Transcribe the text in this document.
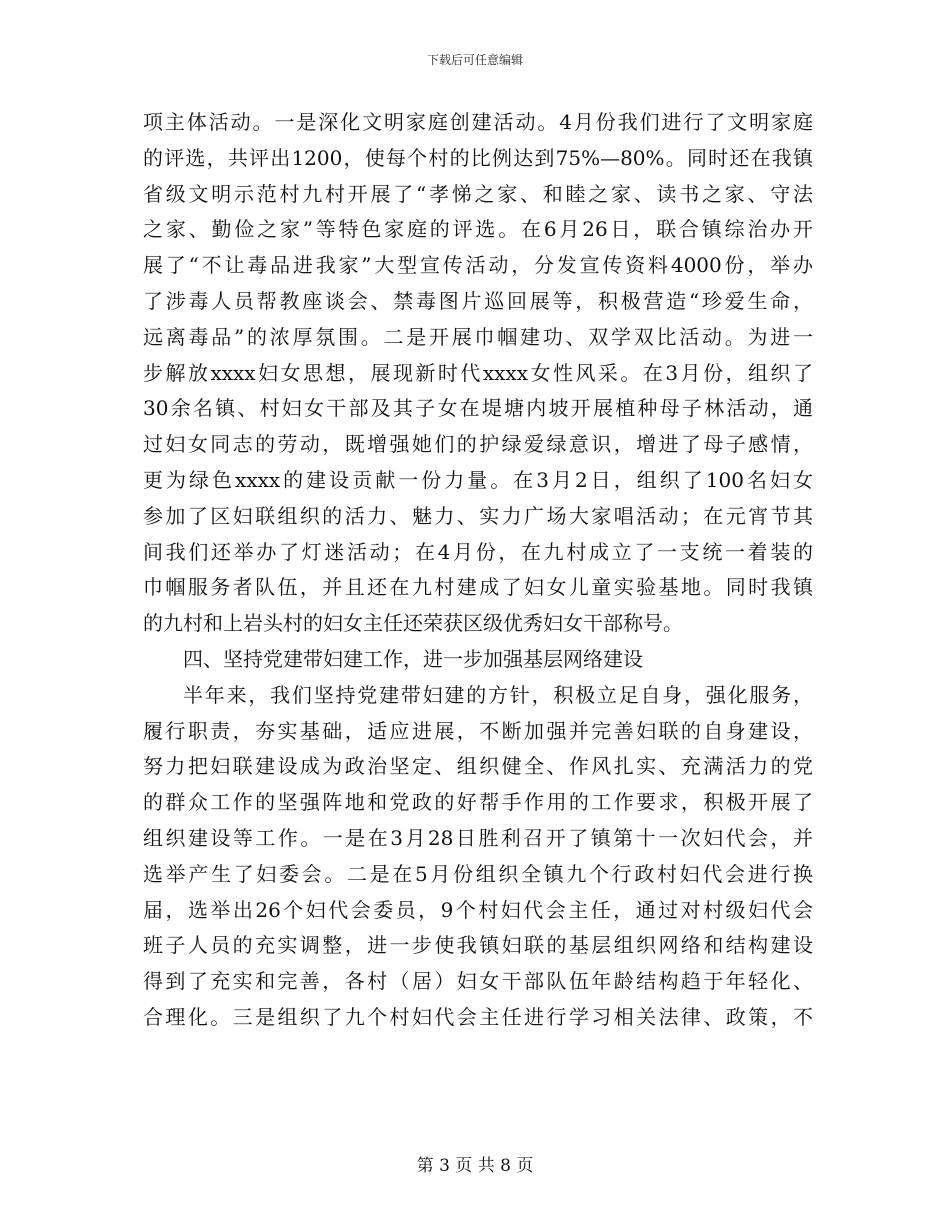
下载后可任意编辑
项主体活动。一是深化文明家庭创建活动。4月份我们进行了文明家庭
的评选，共评出1200，使每个村的比例达到75%—80%。同时还在我镇
省级文明示范村九村开展了“孝悌之家、和睦之家、读书之家、守法
之家、勤俭之家”等特色家庭的评选。在6月26日，联合镇综治办开
展了“不让毒品进我家”大型宣传活动，分发宣传资料4000份，举办
了涉毒人员帮教座谈会、禁毒图片巡回展等，积极营造“珍爱生命，
远离毒品”的浓厚氛围。二是开展巾帼建功、双学双比活动。为进一
步解放xxxx妇女思想，展现新时代xxxx女性风采。在3月份，组织了
30余名镇、村妇女干部及其子女在堤塘内坡开展植种母子林活动，通
过妇女同志的劳动，既增强她们的护绿爱绿意识，增进了母子感情，
更为绿色xxxx的建设贡献一份力量。在3月2日，组织了100名妇女
参加了区妇联组织的活力、魅力、实力广场大家唱活动；在元宵节其
间我们还举办了灯迷活动；在4月份，在九村成立了一支统一着装的
巾帼服务者队伍，并且还在九村建成了妇女儿童实验基地。同时我镇
的九村和上岩头村的妇女主任还荣获区级优秀妇女干部称号。
四、坚持党建带妇建工作，进一步加强基层网络建设
半年来，我们坚持党建带妇建的方针，积极立足自身，强化服务，
履行职责，夯实基础，适应进展，不断加强并完善妇联的自身建设，
努力把妇联建设成为政治坚定、组织健全、作风扎实、充满活力的党
的群众工作的坚强阵地和党政的好帮手作用的工作要求，积极开展了
组织建设等工作。一是在3月28日胜利召开了镇第十一次妇代会，并
选举产生了妇委会。二是在5月份组织全镇九个行政村妇代会进行换
届，选举出26个妇代会委员，9个村妇代会主任，通过对村级妇代会
班子人员的充实调整，进一步使我镇妇联的基层组织网络和结构建设
得到了充实和完善，各村（居）妇女干部队伍年龄结构趋于年轻化、
合理化。三是组织了九个村妇代会主任进行学习相关法律、政策，不
第 3 页 共 8 页
